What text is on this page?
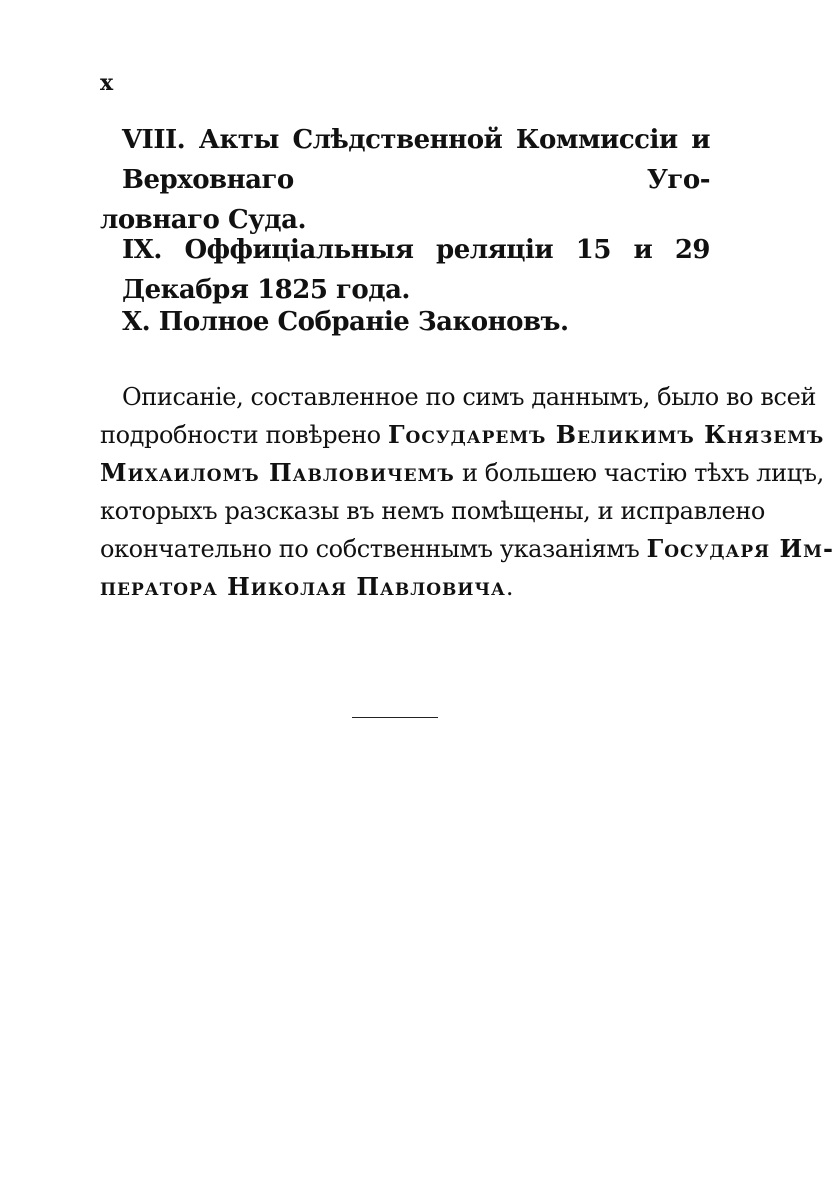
x
VIII. Акты Слѣдственной Коммиссіи и Верховнаго Уго-
ловнаго Суда.
IX. Оффиціальныя реляціи 15 и 29 Декабря 1825 года.
X. Полное Собраніе Законовъ.
Описаніе, составленное по симъ даннымъ, было во всей
подробности повѣрено Государемъ Великимъ Княземъ
Михаиломъ Павловичемъ и большею частію тѣхъ лицъ,
которыхъ разсказы въ немъ помѣщены, и исправлено
окончательно по собственнымъ указаніямъ Государя Им-
ператора Николая Павловича.
